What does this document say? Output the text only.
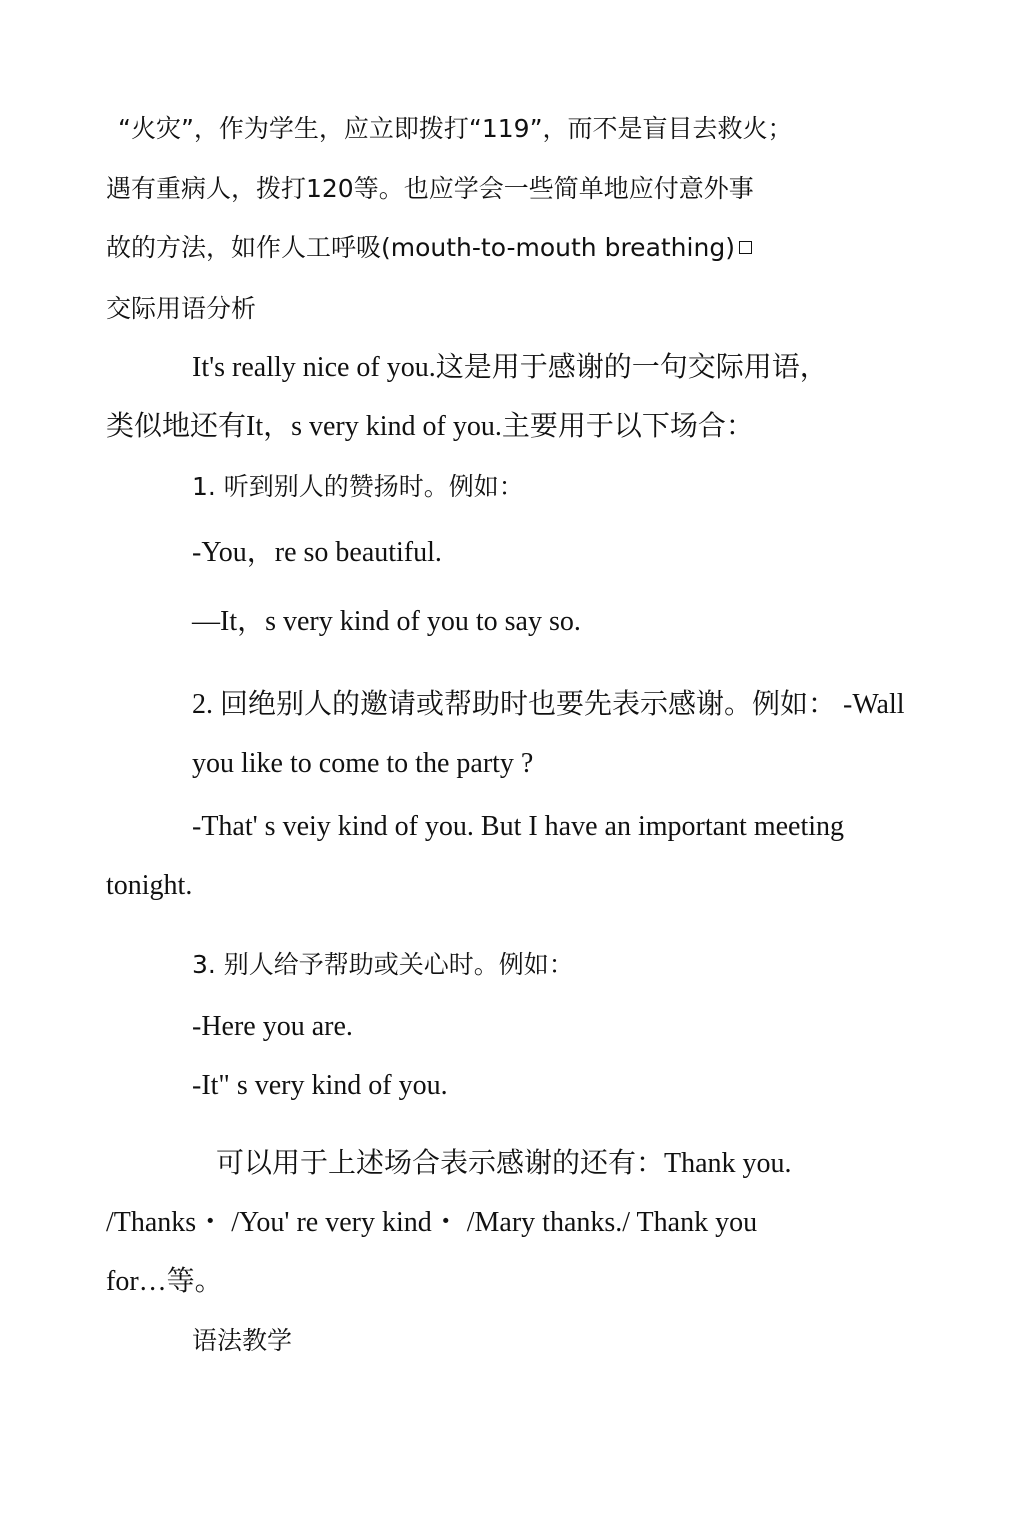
“火灾”，作为学生，应立即拨打“119”，而不是盲目去救火；
遇有重病人，拨打120等。也应学会一些简单地应付意外事
故的方法，如作人工呼吸(mouth-to-mouth breathing)
交际用语分析
It's really nice of you.这是用于感谢的一句交际用语，
类似地还有It，s very kind of you.主要用于以下场合：
1. 听到别人的赞扬时。例如：
-You，re so beautiful.
—It，s very kind of you to say so.
2. 回绝别人的邀请或帮助时也要先表示感谢。例如： -Wall
you like to come to the party ?
-That' s veiy kind of you. But I have an important meeting
tonight.
3. 别人给予帮助或关心时。例如：
-Here you are.
-It" s very kind of you.
可以用于上述场合表示感谢的还有：Thank you.
/Thanks・ /You' re very kind・ /Mary thanks./ Thank you
for…等。
语法教学
